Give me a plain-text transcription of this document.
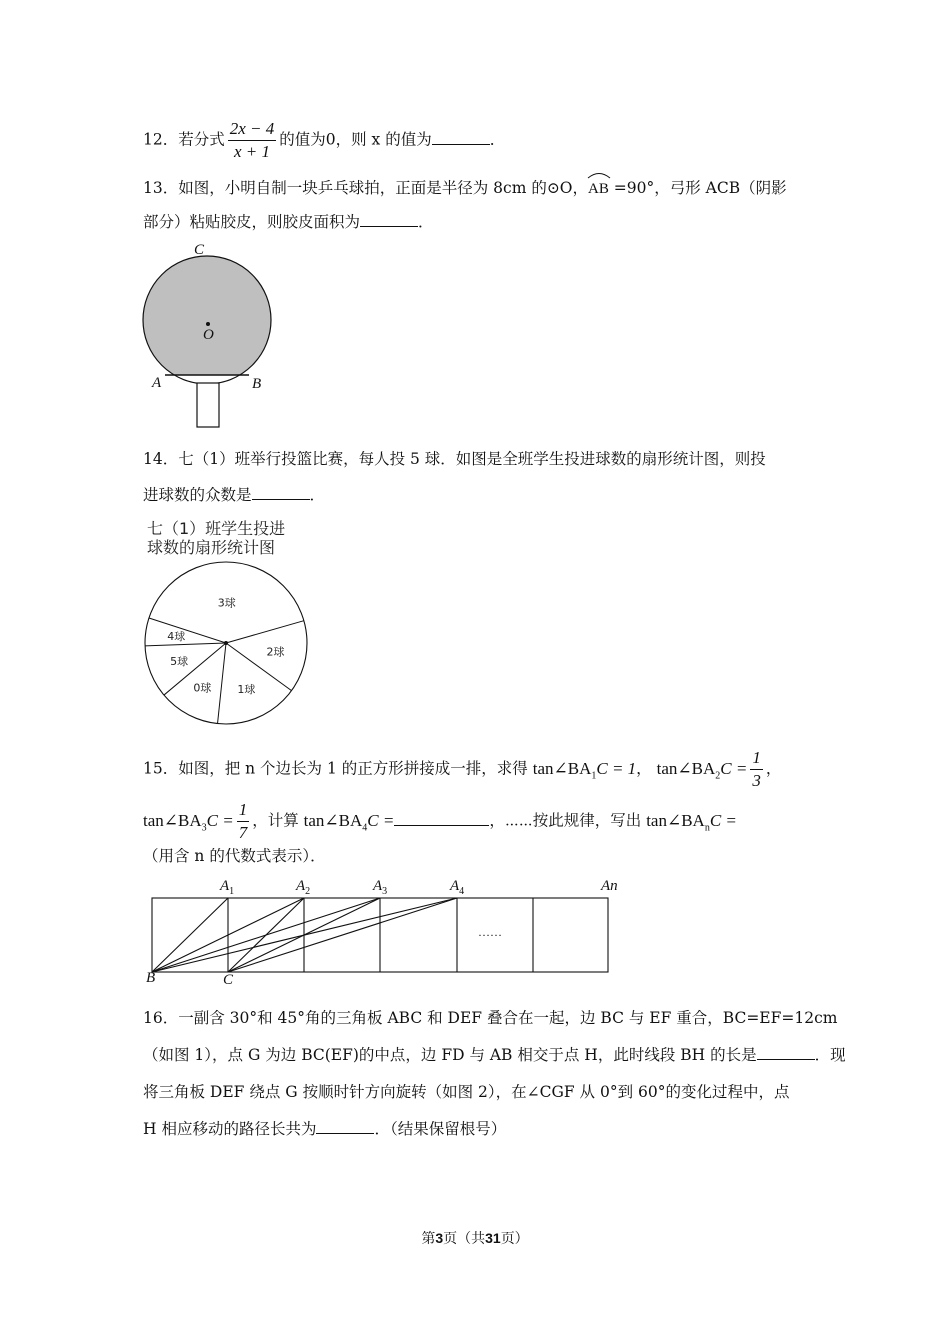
12．若分式 $\frac{2x - 4}{x + 1}$ 的值为0，则 x 的值为	．
13．如图，小明自制一块乒乓球拍，正面是半径为 8cm 的⊙O，
AB =90°，弓形 ACB（阴影
部分）粘贴胶皮，则胶皮面积为	．
C
O
A	B
14．七（1）班举行投篮比赛，每人投 5 球．如图是全班学生投进球数的扇形统计图，则投
进球数的众数是	．
七（1）班学生投进
球数的扇形统计图
3球
2球
1球
0球
5球
4球
15．如图，把 n 个边长为 1 的正方形拼接成一排，求得 $\tan\angle BA_1C = 1$， $\tan\angle BA_2C = \frac{1}{3}$ ，
$\tan\angle BA_3C = \frac{1}{7}$ ，计算 $\tan\angle BA_4C$ =	，⋯⋯按此规律，写出 $\tan\angle BA_nC$ =
（用含 n 的代数式表示）．
$A_1$	$A_2$	$A_3$	$A_4$	An
B	C
……
16．一副含 30°和 45°角的三角板 ABC 和 DEF 叠合在一起，边 BC 与 EF 重合，BC=EF=12cm
（如图 1），点 G 为边 BC(EF)的中点，边 FD 与 AB 相交于点 H，此时线段 BH 的长是	．现
将三角板 DEF 绕点 G 按顺时针方向旋转（如图 2），在∠CGF 从 0°到 60°的变化过程中，点
H 相应移动的路径长共为	．（结果保留根号）
第3页（共31页）
